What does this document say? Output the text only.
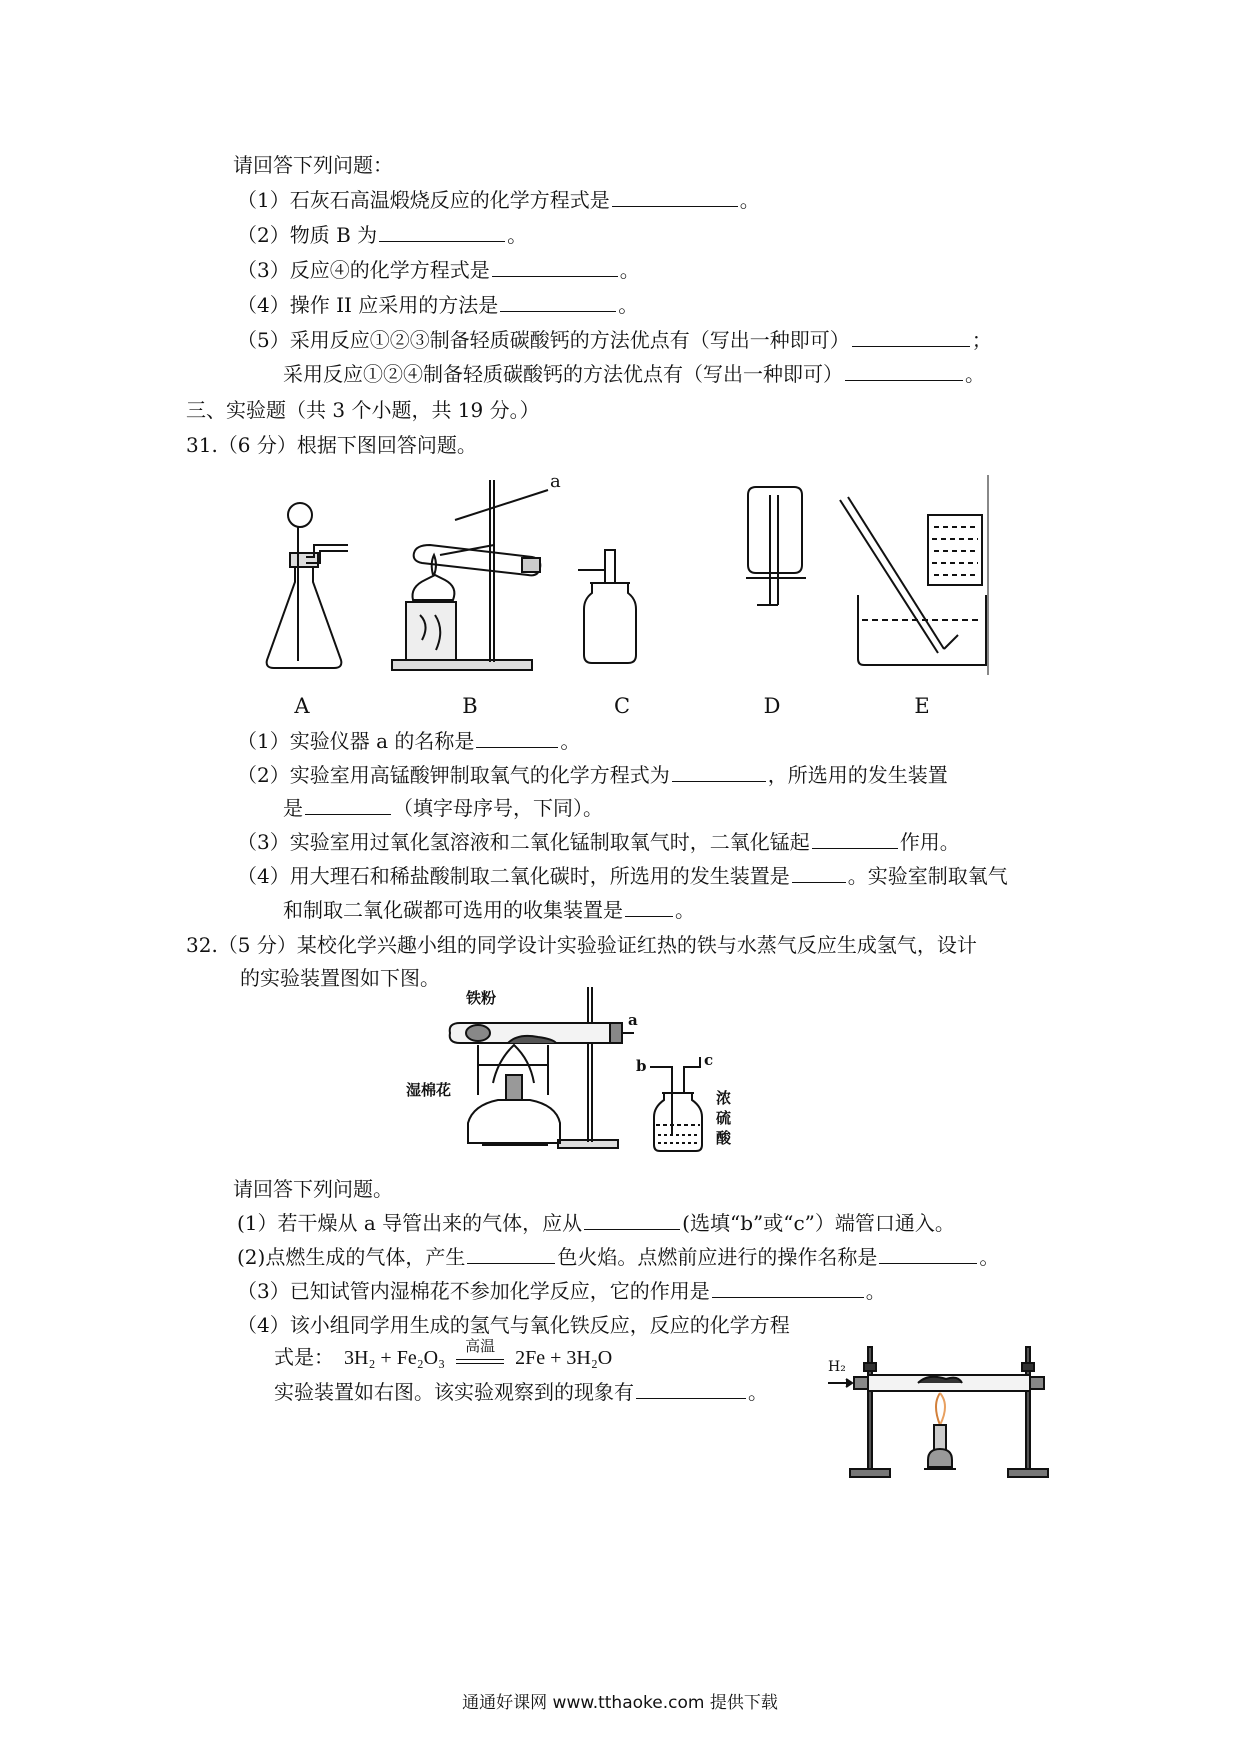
请回答下列问题：
（1）石灰石高温煅烧反应的化学方程式是	。
（2）物质 B 为	。
（3）反应④的化学方程式是	。
（4）操作 II 应采用的方法是	。
（5）采用反应①②③制备轻质碳酸钙的方法优点有（写出一种即可）	；
采用反应①②④制备轻质碳酸钙的方法优点有（写出一种即可）	。
三、实验题（共 3 个小题，共 19 分。）
31.（6 分）根据下图回答问题。
a
A	B	C	D	E
（1）实验仪器 a 的名称是	。
（2）实验室用高锰酸钾制取氧气的化学方程式为	，所选用的发生装置
是	（填字母序号，下同）。
（3）实验室用过氧化氢溶液和二氧化锰制取氧气时，二氧化锰起	作用。
（4）用大理石和稀盐酸制取二氧化碳时，所选用的发生装置是	。实验室制取氧气
和制取二氧化碳都可选用的收集装置是	。
32.（5 分）某校化学兴趣小组的同学设计实验验证红热的铁与水蒸气反应生成氢气，设计
的实验装置图如下图。
铁粉
湿棉花
a
b	c
浓
硫
酸
请回答下列问题。
(1）若干燥从 a 导管出来的气体，应从	(选填“b”或“c”）端管口通入。
(2)点燃生成的气体，产生	色火焰。点燃前应进行的操作名称是	。
（3）已知试管内湿棉花不参加化学反应，它的作用是	。
（4）该小组同学用生成的氢气与氧化铁反应，反应的化学方程
式是： 3H₂ + Fe₂O₃	高温	2Fe + 3H₂O
实验装置如右图。该实验观察到的现象有	。
H₂
通通好课网 www.tthaoke.com 提供下载
